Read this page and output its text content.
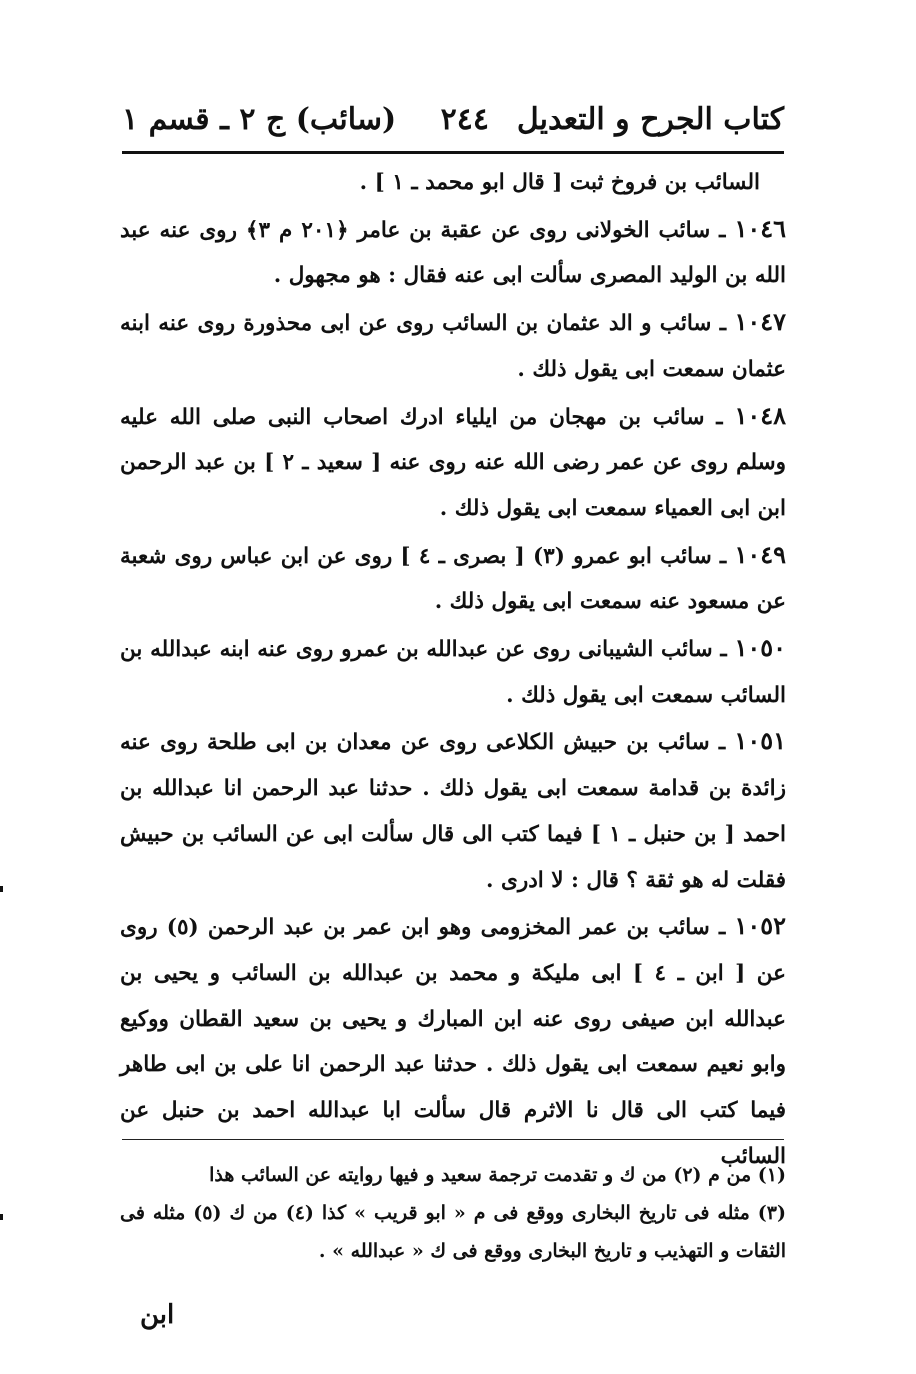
كتاب الجرح و التعديل
٢٤٤
(سائب) ج ٢ ـ قسم ١

السائب بن فروخ ثبت [ قال ابو محمد ـ ١ ] .

١٠٤٦ ـ سائب الخولانى روى عن عقبة بن عامر ﴿٢٠١ م ٣﴾ روى عنه عبد الله بن الوليد المصرى سألت ابى عنه فقال : هو مجهول .

١٠٤٧ ـ سائب و الد عثمان بن السائب روى عن ابى محذورة روى عنه ابنه عثمان سمعت ابى يقول ذلك .

١٠٤٨ ـ سائب بن مهجان من ايلياء ادرك اصحاب النبى صلى الله عليه وسلم روى عن عمر رضى الله عنه روى عنه [ سعيد ـ ٢ ] بن عبد الرحمن ابن ابى العمياء سمعت ابى يقول ذلك .

١٠٤٩ ـ سائب ابو عمرو (٣) [ بصرى ـ ٤ ] روى عن ابن عباس روى شعبة عن مسعود عنه سمعت ابى يقول ذلك .

١٠٥٠ ـ سائب الشيبانى روى عن عبدالله بن عمرو روى عنه ابنه عبدالله بن السائب سمعت ابى يقول ذلك .

١٠٥١ ـ سائب بن حبيش الكلاعى روى عن معدان بن ابى طلحة روى عنه زائدة بن قدامة سمعت ابى يقول ذلك . حدثنا عبد الرحمن انا عبدالله بن احمد [ بن حنبل ـ ١ ] فيما كتب الى قال سألت ابى عن السائب بن حبيش فقلت له هو ثقة ؟ قال : لا ادرى .

١٠٥٢ ـ سائب بن عمر المخزومى وهو ابن عمر بن عبد الرحمن (٥) روى عن [ ابن ـ ٤ ] ابى مليكة و محمد بن عبدالله بن السائب و يحيى بن عبدالله ابن صيفى روى عنه ابن المبارك و يحيى بن سعيد القطان ووكيع وابو نعيم سمعت ابى يقول ذلك . حدثنا عبد الرحمن انا على بن ابى طاهر فيما كتب الى قال نا الاثرم قال سألت ابا عبدالله احمد بن حنبل عن السائب

(١) من م (٢) من ك و تقدمت ترجمة سعيد و فيها روايته عن السائب هذا

(٣) مثله فى تاريخ البخارى ووقع فى م « ابو قريب » كذا (٤) من ك (٥) مثله فى الثقات و التهذيب و تاريخ البخارى ووقع فى ك « عبدالله » .

ابن
